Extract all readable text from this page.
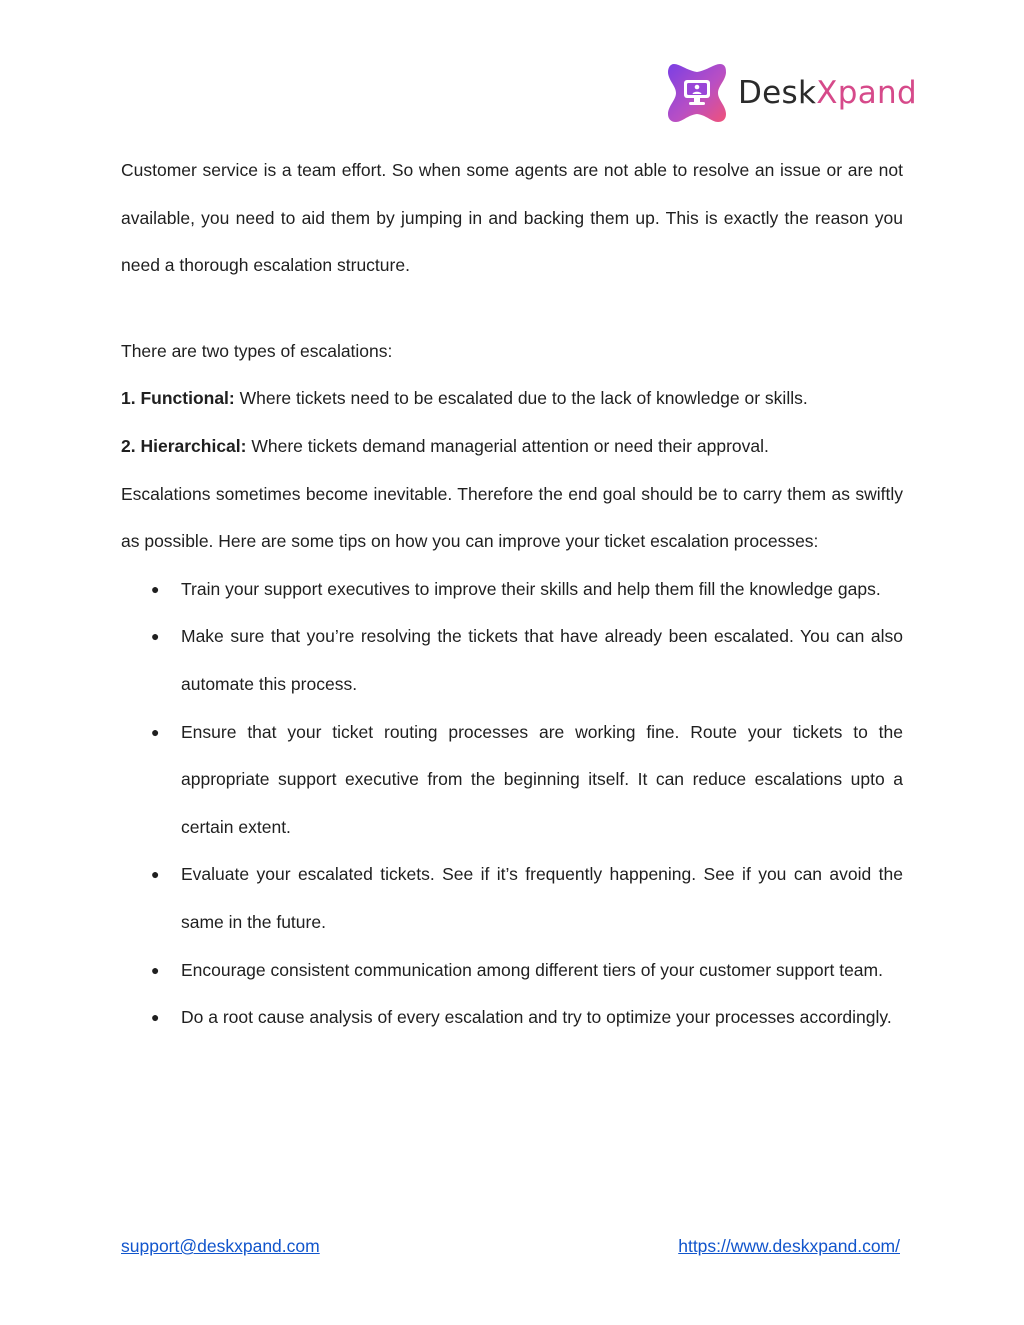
DeskXpand

Customer service is a team effort. So when some agents are not able to resolve an issue or are not available, you need to aid them by jumping in and backing them up. This is exactly the reason you need a thorough escalation structure.

There are two types of escalations:

1. Functional: Where tickets need to be escalated due to the lack of knowledge or skills.

2. Hierarchical: Where tickets demand managerial attention or need their approval.

Escalations sometimes become inevitable. Therefore the end goal should be to carry them as swiftly as possible. Here are some tips on how you can improve your ticket escalation processes:

● Train your support executives to improve their skills and help them fill the knowledge gaps.
● Make sure that you’re resolving the tickets that have already been escalated. You can also automate this process.
● Ensure that your ticket routing processes are working fine. Route your tickets to the appropriate support executive from the beginning itself. It can reduce escalations upto a certain extent.
● Evaluate your escalated tickets. See if it’s frequently happening. See if you can avoid the same in the future.
● Encourage consistent communication among different tiers of your customer support team.
● Do a root cause analysis of every escalation and try to optimize your processes accordingly.
support@deskxpand.com	https://www.deskxpand.com/
